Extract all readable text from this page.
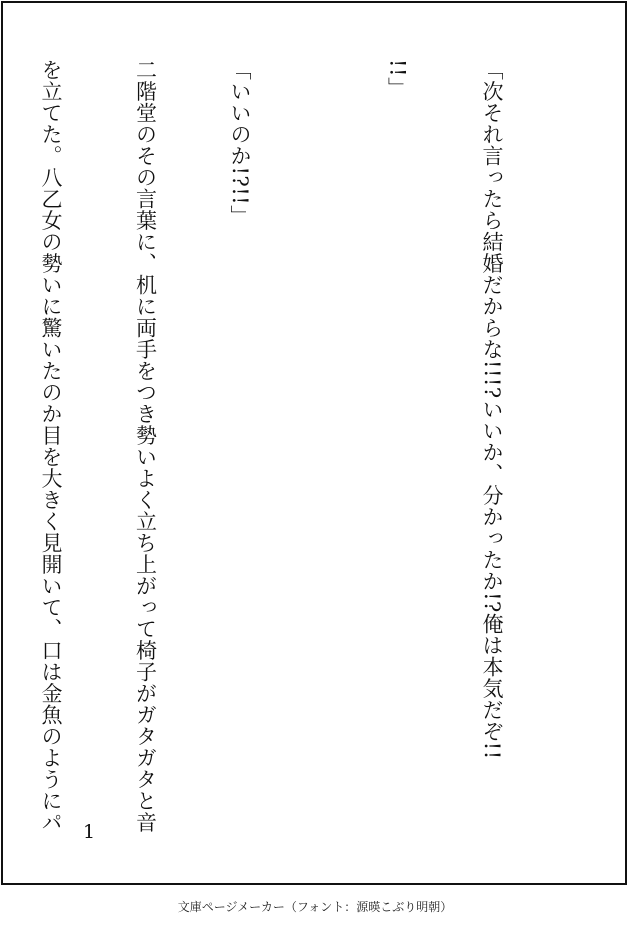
「次それ言ったら結婚だからな!!!?いいか、分かったか!?俺は本気だぞ!!

!!」

「いいのか!?!!」

二階堂のその言葉に、机に両手をつき勢いよく立ち上がって椅子がガタガタと音

を立てた。八乙女の勢いに驚いたのか目を大きく見開いて、口は金魚のようにパ

1
文庫ページメーカー（フォント：源暎こぶり明朝）
